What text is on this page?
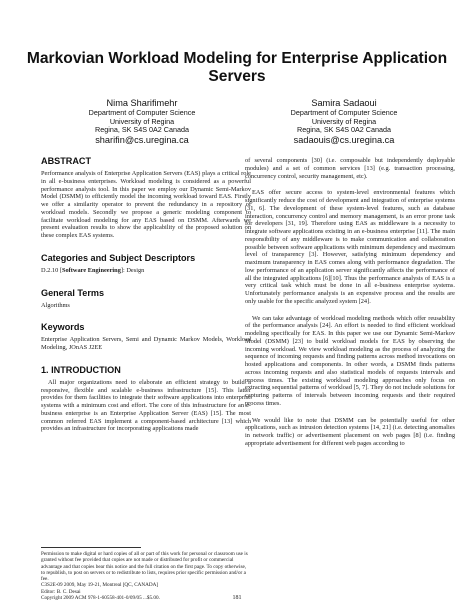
Markovian Workload Modeling for Enterprise Application Servers
Nima Sharifimehr
Department of Computer Science
University of Regina
Regina, SK S4S 0A2 Canada
sharifin@cs.uregina.ca
Samira Sadaoui
Department of Computer Science
University of Regina
Regina, SK S4S 0A2 Canada
sadaouis@cs.uregina.ca
ABSTRACT
Performance analysis of Enterprise Application Servers (EAS) plays a critical role in all e-business enterprises. Workload modeling is considered as a powerful performance analysis tool. In this paper we employ our Dynamic Semi-Markov Model (DSMM) to efficiently model the incoming workload toward EAS. Firstly we offer a similarity operator to prevent the redundancy in a repository of workload models. Secondly we propose a generic modeling component to facilitate workload modeling for any EAS based on DSMM. Afterwards we present evaluation results to show the applicability of the proposed solution on these complex EAS systems.
Categories and Subject Descriptors
D.2.10 [Software Engineering]: Design
General Terms
Algorithms
Keywords
Enterprise Application Servers, Semi and Dynamic Markov Models, Workload Modeling, JOnAS J2EE
1. INTRODUCTION
All major organizations need to elaborate an efficient strategy to build a responsive, flexible and scalable e-business infrastructure [15]. This latter provides for them facilities to integrate their software applications into enterprise systems with a minimum cost and effort. The core of this infrastructure for an e-business enterprise is an Enterprise Application Server (EAS) [15]. The most common referred EAS implement a component-based architecture [13] which provides an infrastructure for incorporating applications made
Permission to make digital or hard copies of all or part of this work for personal or classroom use is granted without fee provided that copies are not made or distributed for profit or commercial advantage and that copies bear this notice and the full citation on the first page. To copy otherwise, to republish, to post on servers or to redistribute to lists, requires prior specific permission and/or a fee.
C3S2E-09 2009, May 19-21, Montreal [QC, CANADA]
Editor: B. C. Desai
Copyright 2009 ACM 978-1-60558-401-0/09/05 ...$5.00.
of several components [30] (i.e. composable but independently deployable modules) and a set of common services [13] (e.g. transaction processing, concurrency control, security management, etc).
EAS offer secure access to system-level environmental features which significantly reduce the cost of development and integration of enterprise systems [31, 6]. The development of these system-level features, such as database interaction, concurrency control and memory management, is an error prone task for developers [31, 19]. Therefore using EAS as middleware is a necessity to integrate software applications existing in an e-business enterprise [11]. The main responsibility of any middleware is to make communication and collaboration possible between software applications with minimum dependency and maximum level of transparency [3]. However, satisfying minimum dependency and maximum transparency in EAS comes along with performance degradation. The low performance of an application server significantly affects the performance of all the integrated applications [6][10]. Thus the performance analysis of EAS is a very critical task which must be done in all e-business enterprise systems. Unfortunately performance analysis is an expensive process and the results are only usable for the specific analyzed system [24].
We can take advantage of workload modeling methods which offer reusability of the performance analysis [24]. An effort is needed to find efficient workload modeling specifically for EAS. In this paper we use our Dynamic Semi-Markov Model (DSMM) [23] to build workload models for EAS by observing the incoming workload. We view workload modeling as the process of analyzing the sequence of incoming requests and finding patterns across method invocations on hosted applications and components. In other words, a DSMM finds patterns across incoming requests and also statistical models of requests intervals and process times. The existing workload modeling approaches only focus on extracting sequential patterns of workload [5, 7]. They do not include solutions for capturing patterns of intervals between incoming requests and their required process times.
We would like to note that DSMM can be potentially useful for other applications, such as intrusion detection systems [14, 21] (i.e. detecting anomalies in network traffic) or advertisement placement on web pages [8] (i.e. finding appropriate advertisement for different web pages according to
181
